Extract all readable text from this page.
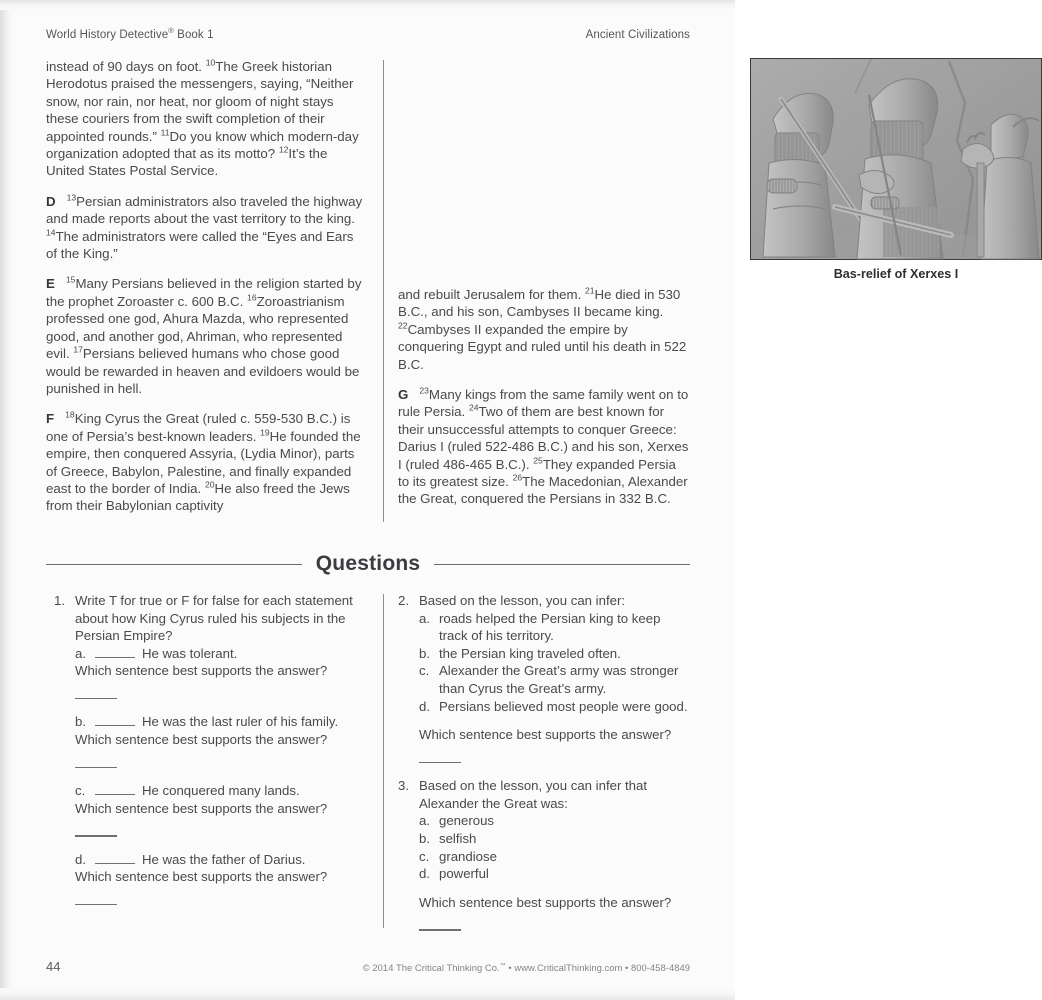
World History Detective® Book 1	Ancient Civilizations

instead of 90 days on foot. $^{10}$The Greek historian Herodotus praised the messengers, saying, “Neither snow, nor rain, nor heat, nor gloom of night stays these couriers from the swift completion of their appointed rounds.” $^{11}$Do you know which modern-day organization adopted that as its motto? $^{12}$It’s the United States Postal Service.

D $^{13}$Persian administrators also traveled the highway and made reports about the vast territory to the king. $^{14}$The administrators were called the “Eyes and Ears of the King.”

E $^{15}$Many Persians believed in the religion started by the prophet Zoroaster c. 600 B.C. $^{16}$Zoroastrianism professed one god, Ahura Mazda, who represented good, and another god, Ahriman, who represented evil. $^{17}$Persians believed humans who chose good would be rewarded in heaven and evildoers would be punished in hell.

F $^{18}$King Cyrus the Great (ruled c. 559-530 B.C.) is one of Persia’s best-known leaders. $^{19}$He founded the empire, then conquered Assyria, (Lydia Minor), parts of Greece, Babylon, Palestine, and finally expanded east to the border of India. $^{20}$He also freed the Jews from their Babylonian captivity

Bas-relief of Xerxes I

and rebuilt Jerusalem for them. $^{21}$He died in 530 B.C., and his son, Cambyses II became king. $^{22}$Cambyses II expanded the empire by conquering Egypt and ruled until his death in 522 B.C.

G $^{23}$Many kings from the same family went on to rule Persia. $^{24}$Two of them are best known for their unsuccessful attempts to conquer Greece: Darius I (ruled 522-486 B.C.) and his son, Xerxes I (ruled 486-465 B.C.). $^{25}$They expanded Persia to its greatest size. $^{26}$The Macedonian, Alexander the Great, conquered the Persians in 332 B.C.

Questions
1. Write T for true or F for false for each statement about how King Cyrus ruled his subjects in the Persian Empire?

a.	He was tolerant.

Which sentence best supports the answer?

b.	He was the last ruler of his family.

Which sentence best supports the answer?

c.	He conquered many lands.

Which sentence best supports the answer?

d.	He was the father of Darius.

Which sentence best supports the answer?

2. Based on the lesson, you can infer:

a. roads helped the Persian king to keep track of his territory.
b. the Persian king traveled often.
c. Alexander the Great’s army was stronger than Cyrus the Great’s army.
d. Persians believed most people were good.

Which sentence best supports the answer?

3. Based on the lesson, you can infer that Alexander the Great was:

a. generous
b. selfish
c. grandiose
d. powerful

Which sentence best supports the answer?

44	© 2014 The Critical Thinking Co.™ • www.CriticalThinking.com • 800-458-4849
